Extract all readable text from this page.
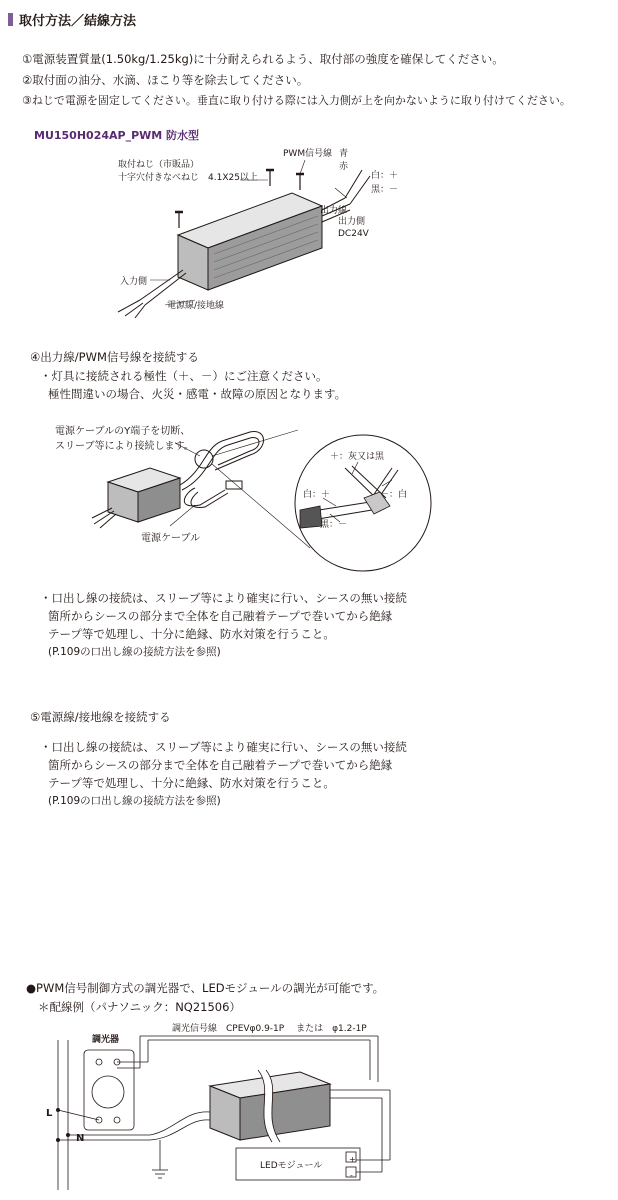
取付方法／結線方法
①電源装置質量(1.50kg/1.25kg)に十分耐えられるよう、取付部の強度を確保してください。
②取付面の油分、水滴、ほこり等を除去してください。
③ねじで電源を固定してください。垂直に取り付ける際には入力側が上を向かないように取り付けてください。
MU150H024AP_PWM 防水型
取付ねじ（市販品）
十字穴付きなべねじ　4.1X25以上
PWM信号線 青
赤
白：＋
黒：－
出力線
出力側
DC24V
入力側
電源線/接地線
④出力線/PWM信号線を接続する
・灯具に接続される極性（＋、－）にご注意ください。
極性間違いの場合、火災・感電・故障の原因となります。
電源ケーブルのY端子を切断、
スリーブ等により接続します。
電源ケーブル
＋：灰又は黒
白：＋	－：白
黒：－
・口出し線の接続は、スリーブ等により確実に行い、シースの無い接続
箇所からシースの部分まで全体を自己融着テープで巻いてから絶縁
テープ等で処理し、十分に絶縁、防水対策を行うこと。
(P.109の口出し線の接続方法を参照)
⑤電源線/接地線を接続する
・口出し線の接続は、スリーブ等により確実に行い、シースの無い接続
箇所からシースの部分まで全体を自己融着テープで巻いてから絶縁
テープ等で処理し、十分に絶縁、防水対策を行うこと。
(P.109の口出し線の接続方法を参照)
●PWM信号制御方式の調光器で、LEDモジュールの調光が可能です。
＊配線例（パナソニック：NQ21506）
調光器
調光信号線　CPEVφ0.9-1P　 または　φ1.2-1P
L
N
LEDモジュール
+
-
